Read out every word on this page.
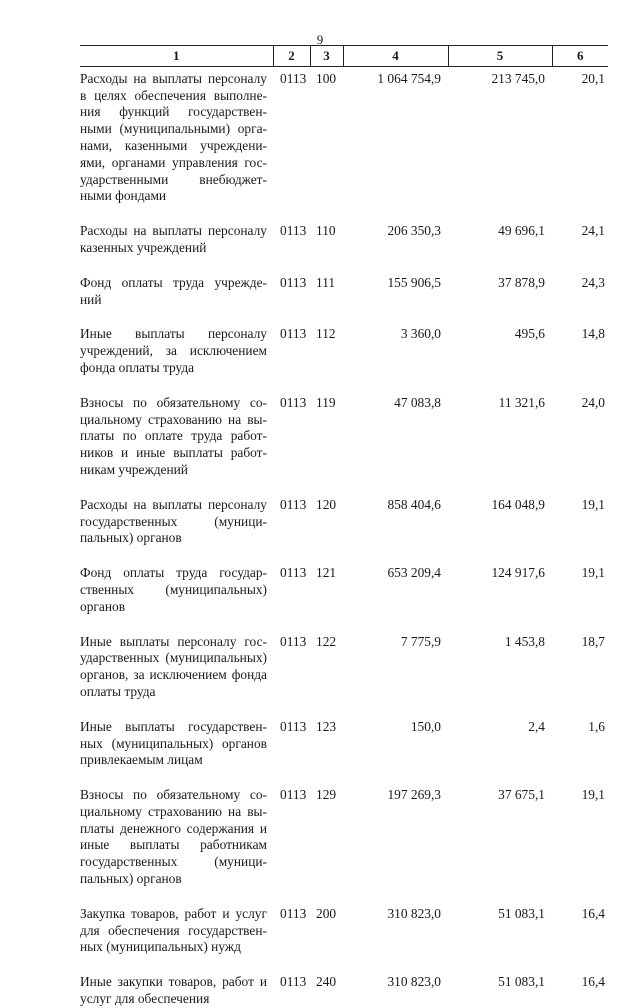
9
1	2	3	4	5	6
Расходы на выплаты персоналу в целях обеспечения выполне-ния функций государствен-ными (муниципальными) орга-нами, казенными учреждени-ями, органами управления гос-ударственными внебюджет-ными фондами	0113	100	1 064 754,9	213 745,0	20,1
Расходы на выплаты персоналу казенных учреждений	0113	110	206 350,3	49 696,1	24,1
Фонд оплаты труда учрежде-ний	0113	111	155 906,5	37 878,9	24,3
Иные выплаты персоналу учреждений, за исключением фонда оплаты труда	0113	112	3 360,0	495,6	14,8
Взносы по обязательному со-циальному страхованию на вы-платы по оплате труда работ-ников и иные выплаты работ-никам учреждений	0113	119	47 083,8	11 321,6	24,0
Расходы на выплаты персоналу государственных (муници-пальных) органов	0113	120	858 404,6	164 048,9	19,1
Фонд оплаты труда государ-ственных (муниципальных) органов	0113	121	653 209,4	124 917,6	19,1
Иные выплаты персоналу гос-ударственных (муниципальных) органов, за исключением фонда оплаты труда	0113	122	7 775,9	1 453,8	18,7
Иные выплаты государствен-ных (муниципальных) органов привлекаемым лицам	0113	123	150,0	2,4	1,6
Взносы по обязательному со-циальному страхованию на вы-платы денежного содержания и иные выплаты работникам государственных (муници-пальных) органов	0113	129	197 269,3	37 675,1	19,1
Закупка товаров, работ и услуг для обеспечения государствен-ных (муниципальных) нужд	0113	200	310 823,0	51 083,1	16,4
Иные закупки товаров, работ и услуг для обеспечения	0113	240	310 823,0	51 083,1	16,4
